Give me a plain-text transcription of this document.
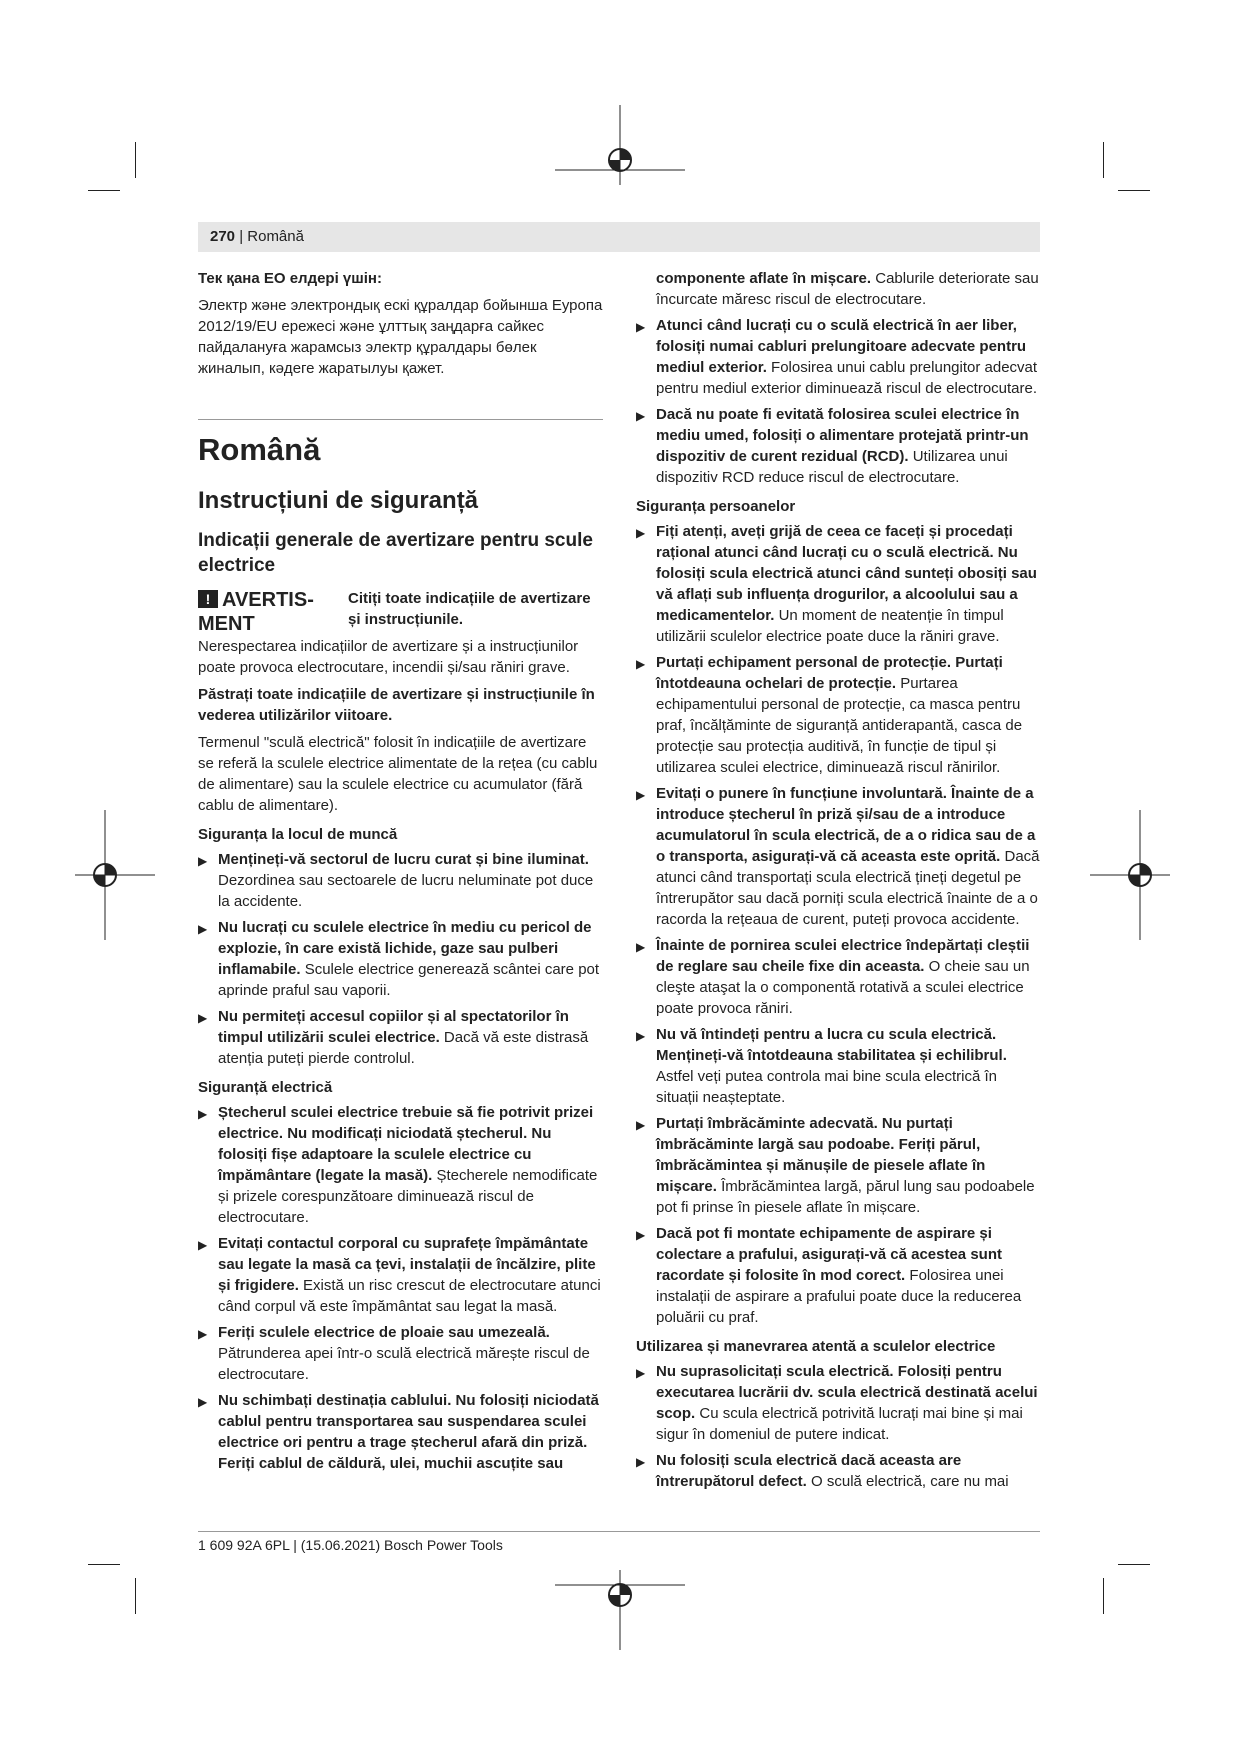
270 | Română

Тек қана ЕО елдері үшін:

Электр және электрондық ескі құралдар бойынша Еуропа 2012/19/EU ережесі және ұлттық заңдарға сайкес пайдалануға жарамсыз электр құралдары бөлек жиналып, кәдеге жаратылуы қажет.

Română
Instrucțiuni de siguranță
Indicații generale de avertizare pentru scule electrice
! AVERTIS-MENT
Citiți toate indicațiile de avertizare și instrucțiunile.

Nerespectarea indicațiilor de avertizare și a instrucțiunilor poate provoca electrocutare, incendii și/sau răniri grave.

Păstrați toate indicațiile de avertizare și instrucțiunile în vederea utilizărilor viitoare.

Termenul "sculă electrică" folosit în indicațiile de avertizare se referă la sculele electrice alimentate de la rețea (cu cablu de alimentare) sau la sculele electrice cu acumulator (fără cablu de alimentare).

Siguranța la locul de muncă
▶ Mențineți-vă sectorul de lucru curat și bine iluminat. Dezordinea sau sectoarele de lucru neluminate pot duce la accidente.
▶ Nu lucrați cu sculele electrice în mediu cu pericol de explozie, în care există lichide, gaze sau pulberi inflamabile. Sculele electrice generează scântei care pot aprinde praful sau vaporii.
▶ Nu permiteți accesul copiilor și al spectatorilor în timpul utilizării sculei electrice. Dacă vă este distrasă atenția puteți pierde controlul.
Siguranță electrică
▶ Ștecherul sculei electrice trebuie să fie potrivit prizei electrice. Nu modificați niciodată ștecherul. Nu folosiți fișe adaptoare la sculele electrice cu împământare (legate la masă). Ștecherele nemodificate și prizele corespunzătoare diminuează riscul de electrocutare.
▶ Evitați contactul corporal cu suprafețe împământate sau legate la masă ca țevi, instalații de încălzire, plite și frigidere. Există un risc crescut de electrocutare atunci când corpul vă este împământat sau legat la masă.
▶ Feriți sculele electrice de ploaie sau umezeală. Pătrunderea apei într-o sculă electrică mărește riscul de electrocutare.
▶ Nu schimbați destinația cablului. Nu folosiți niciodată cablul pentru transportarea sau suspendarea sculei electrice ori pentru a trage ștecherul afară din priză. Feriți cablul de căldură, ulei, muchii ascuțite sau
componente aflate în mișcare. Cablurile deteriorate sau încurcate măresc riscul de electrocutare.
▶ Atunci când lucrați cu o sculă electrică în aer liber, folosiți numai cabluri prelungitoare adecvate pentru mediul exterior. Folosirea unui cablu prelungitor adecvat pentru mediul exterior diminuează riscul de electrocutare.
▶ Dacă nu poate fi evitată folosirea sculei electrice în mediu umed, folosiți o alimentare protejată printr-un dispozitiv de curent rezidual (RCD). Utilizarea unui dispozitiv RCD reduce riscul de electrocutare.
Siguranța persoanelor
▶ Fiți atenți, aveți grijă de ceea ce faceți și procedați rațional atunci când lucrați cu o sculă electrică. Nu folosiți scula electrică atunci când sunteți obosiți sau vă aflați sub influența drogurilor, a alcoolului sau a medicamentelor. Un moment de neatenție în timpul utilizării sculelor electrice poate duce la răniri grave.
▶ Purtați echipament personal de protecție. Purtați întotdeauna ochelari de protecție. Purtarea echipamentului personal de protecție, ca masca pentru praf, încălțăminte de siguranță antiderapantă, casca de protecție sau protecția auditivă, în funcție de tipul și utilizarea sculei electrice, diminuează riscul rănirilor.
▶ Evitați o punere în funcțiune involuntară. Înainte de a introduce ștecherul în priză și/sau de a introduce acumulatorul în scula electrică, de a o ridica sau de a o transporta, asigurați-vă că aceasta este oprită. Dacă atunci când transportați scula electrică țineți degetul pe întrerupător sau dacă porniți scula electrică înainte de a o racorda la rețeaua de curent, puteți provoca accidente.
▶ Înainte de pornirea sculei electrice îndepărtați cleștii de reglare sau cheile fixe din aceasta. O cheie sau un cleşte ataşat la o componentă rotativă a sculei electrice poate provoca răniri.
▶ Nu vă întindeți pentru a lucra cu scula electrică. Mențineți-vă întotdeauna stabilitatea și echilibrul. Astfel veți putea controla mai bine scula electrică în situații neașteptate.
▶ Purtați îmbrăcăminte adecvată. Nu purtați îmbrăcăminte largă sau podoabe. Feriți părul, îmbrăcămintea și mănușile de piesele aflate în mișcare. Îmbrăcămintea largă, părul lung sau podoabele pot fi prinse în piesele aflate în mișcare.
▶ Dacă pot fi montate echipamente de aspirare și colectare a prafului, asigurați-vă că acestea sunt racordate și folosite în mod corect. Folosirea unei instalații de aspirare a prafului poate duce la reducerea poluării cu praf.
Utilizarea și manevrarea atentă a sculelor electrice
▶ Nu suprasolicitați scula electrică. Folosiți pentru executarea lucrării dv. scula electrică destinată acelui scop. Cu scula electrică potrivită lucrați mai bine și mai sigur în domeniul de putere indicat.
▶ Nu folosiți scula electrică dacă aceasta are întrerupătorul defect. O sculă electrică, care nu mai
1 609 92A 6PL | (15.06.2021) Bosch Power Tools
